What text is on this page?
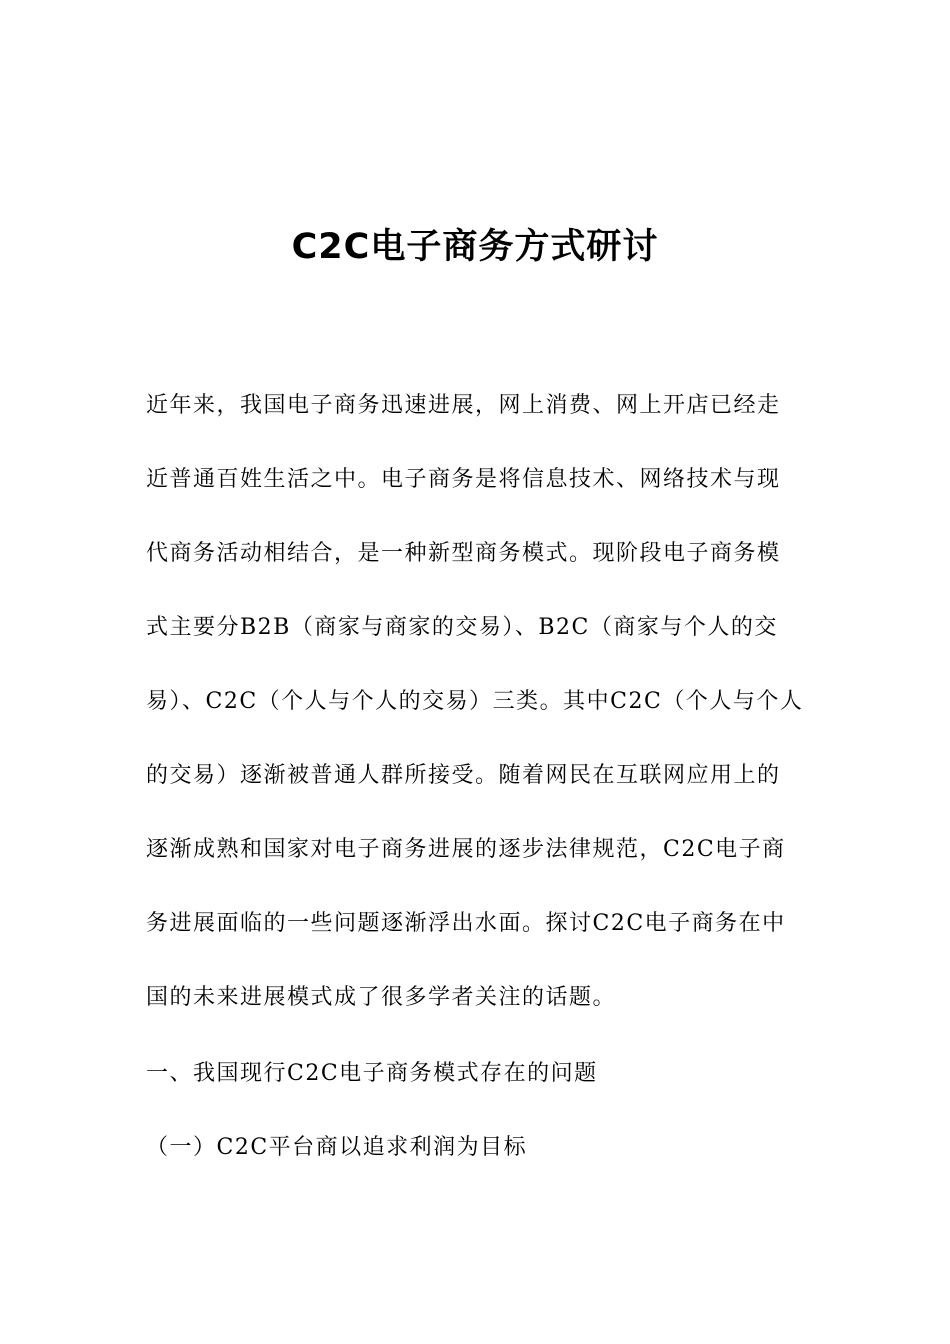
C2C电子商务方式研讨
近年来，我国电子商务迅速进展，网上消费、网上开店已经走
近普通百姓生活之中。电子商务是将信息技术、网络技术与现
代商务活动相结合，是一种新型商务模式。现阶段电子商务模
式主要分B2B（商家与商家的交易）、B2C（商家与个人的交
易）、C2C（个人与个人的交易）三类。其中C2C（个人与个人
的交易）逐渐被普通人群所接受。随着网民在互联网应用上的
逐渐成熟和国家对电子商务进展的逐步法律规范，C2C电子商
务进展面临的一些问题逐渐浮出水面。探讨C2C电子商务在中
国的未来进展模式成了很多学者关注的话题。
一、我国现行C2C电子商务模式存在的问题
（一）C2C平台商以追求利润为目标
